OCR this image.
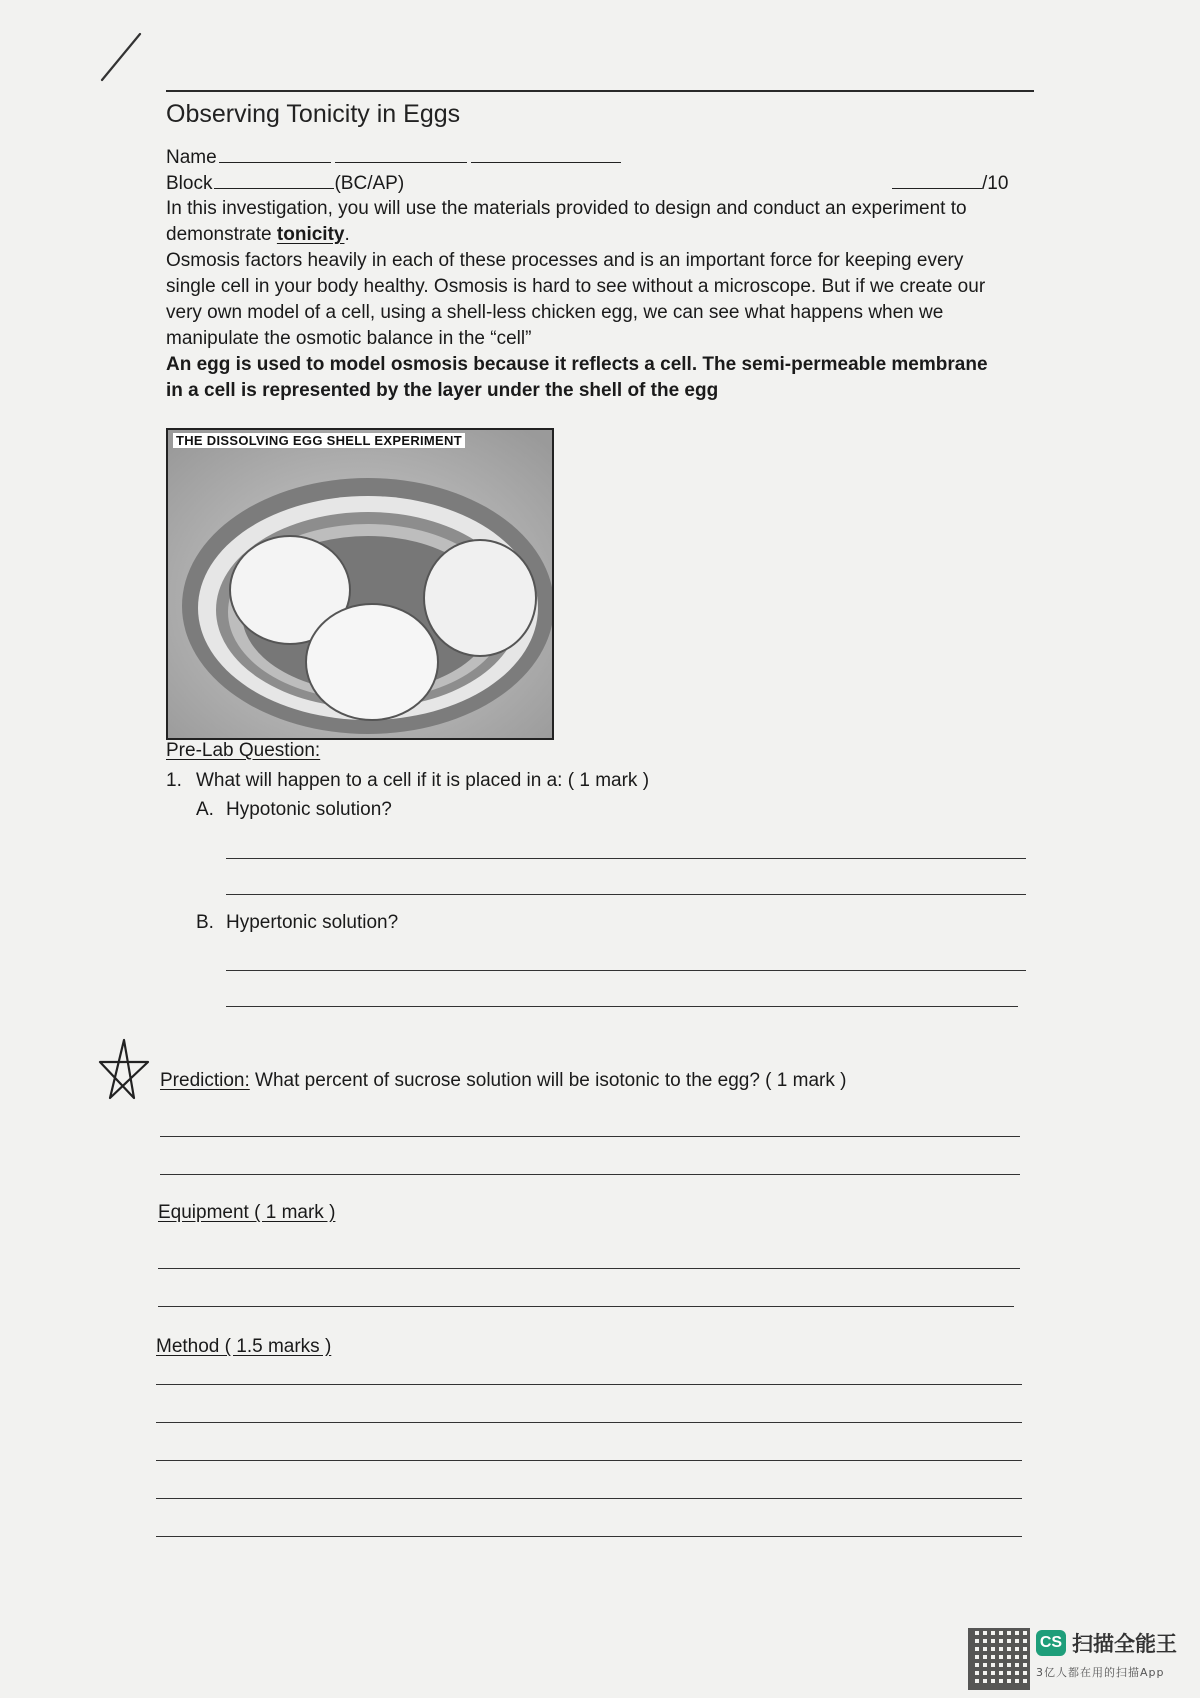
Observing Tonicity in Eggs
Name
Block	(BC/AP)	/10
In this investigation, you will use the materials provided to design and conduct an experiment to
demonstrate tonicity.
Osmosis factors heavily in each of these processes and is an important force for keeping every
single cell in your body healthy. Osmosis is hard to see without a microscope. But if we create our
very own model of a cell, using a shell-less chicken egg, we can see what happens when we
manipulate the osmotic balance in the “cell”
An egg is used to model osmosis because it reflects a cell. The semi-permeable membrane
in a cell is represented by the layer under the shell of the egg
THE DISSOLVING EGG SHELL EXPERIMENT
Pre-Lab Question:
1. What will happen to a cell if it is placed in a: ( 1 mark )
A. Hypotonic solution?
B. Hypertonic solution?
Prediction: What percent of sucrose solution will be isotonic to the egg? ( 1 mark )
Equipment ( 1 mark )
Method ( 1.5 marks )
CS 扫描全能王
3亿人都在用的扫描App
